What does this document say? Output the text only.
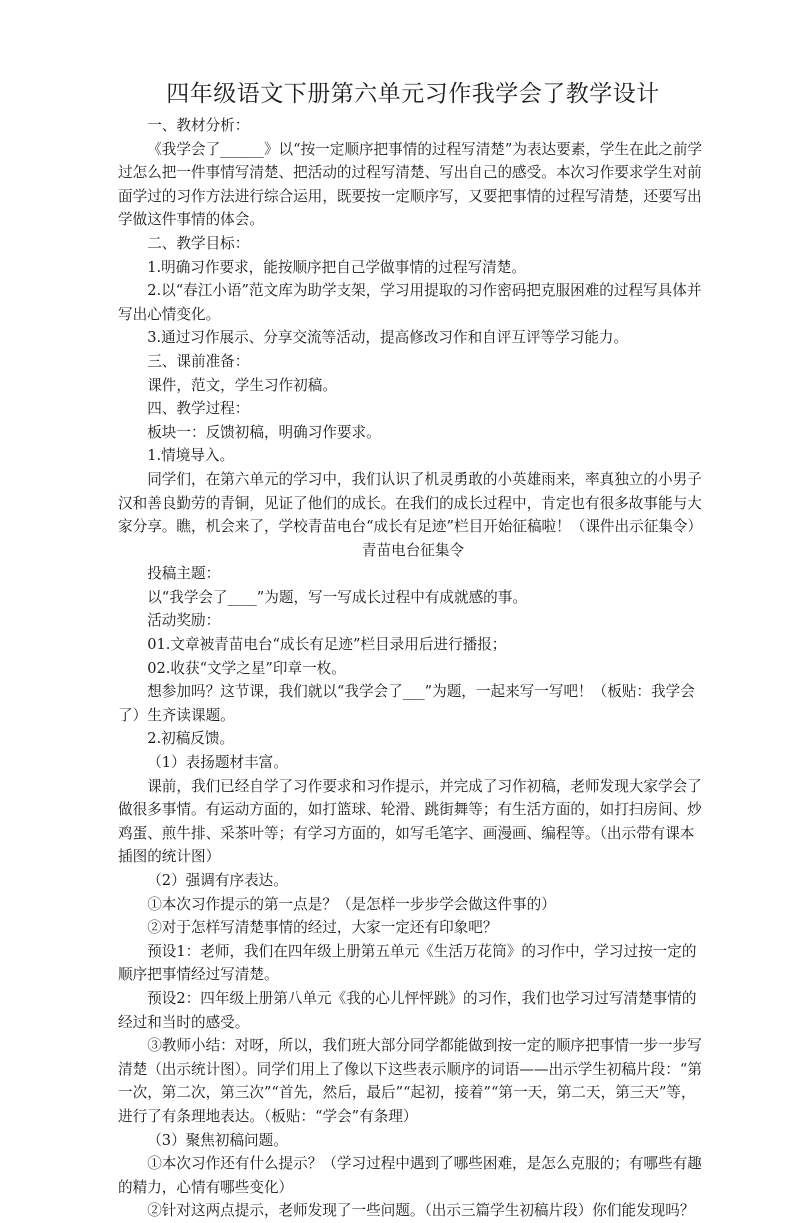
四年级语文下册第六单元习作我学会了教学设计

一、教材分析：

《我学会了______》以“按一定顺序把事情的过程写清楚”为表达要素，学生在此之前学过怎么把一件事情写清楚、把活动的过程写清楚、写出自己的感受。本次习作要求学生对前面学过的习作方法进行综合运用，既要按一定顺序写，又要把事情的过程写清楚，还要写出学做这件事情的体会。

二、教学目标：

1.明确习作要求，能按顺序把自己学做事情的过程写清楚。

2.以“春江小语”范文库为助学支架，学习用提取的习作密码把克服困难的过程写具体并写出心情变化。

3.通过习作展示、分享交流等活动，提高修改习作和自评互评等学习能力。

三、课前准备：

课件，范文，学生习作初稿。

四、教学过程：

板块一：反馈初稿，明确习作要求。

1.情境导入。

同学们，在第六单元的学习中，我们认识了机灵勇敢的小英雄雨来，率真独立的小男子汉和善良勤劳的青铜，见证了他们的成长。在我们的成长过程中，肯定也有很多故事能与大家分享。瞧，机会来了，学校青苗电台“成长有足迹”栏目开始征稿啦！（课件出示征集令）

青苗电台征集令

投稿主题：

以“我学会了____”为题，写一写成长过程中有成就感的事。

活动奖励：

01.文章被青苗电台“成长有足迹”栏目录用后进行播报；

02.收获“文学之星”印章一枚。

想参加吗？这节课，我们就以“我学会了___”为题，一起来写一写吧！（板贴：我学会了）生齐读课题。

2.初稿反馈。

（1）表扬题材丰富。

课前，我们已经自学了习作要求和习作提示，并完成了习作初稿，老师发现大家学会了做很多事情。有运动方面的，如打篮球、轮滑、跳街舞等；有生活方面的，如打扫房间、炒鸡蛋、煎牛排、采茶叶等；有学习方面的，如写毛笔字、画漫画、编程等。（出示带有课本插图的统计图）

（2）强调有序表达。

①本次习作提示的第一点是？（是怎样一步步学会做这件事的）

②对于怎样写清楚事情的经过，大家一定还有印象吧？

预设1：老师，我们在四年级上册第五单元《生活万花筒》的习作中，学习过按一定的顺序把事情经过写清楚。

预设2：四年级上册第八单元《我的心儿怦怦跳》的习作，我们也学习过写清楚事情的经过和当时的感受。

③教师小结：对呀，所以，我们班大部分同学都能做到按一定的顺序把事情一步一步写清楚（出示统计图）。同学们用上了像以下这些表示顺序的词语——出示学生初稿片段：“第一次，第二次，第三次”“首先，然后，最后”“起初，接着”“第一天，第二天，第三天”等，进行了有条理地表达。（板贴：“学会”有条理）

（3）聚焦初稿问题。

①本次习作还有什么提示？（学习过程中遇到了哪些困难，是怎么克服的；有哪些有趣的精力，心情有哪些变化）

②针对这两点提示，老师发现了一些问题。（出示三篇学生初稿片段）你们能发现吗？
